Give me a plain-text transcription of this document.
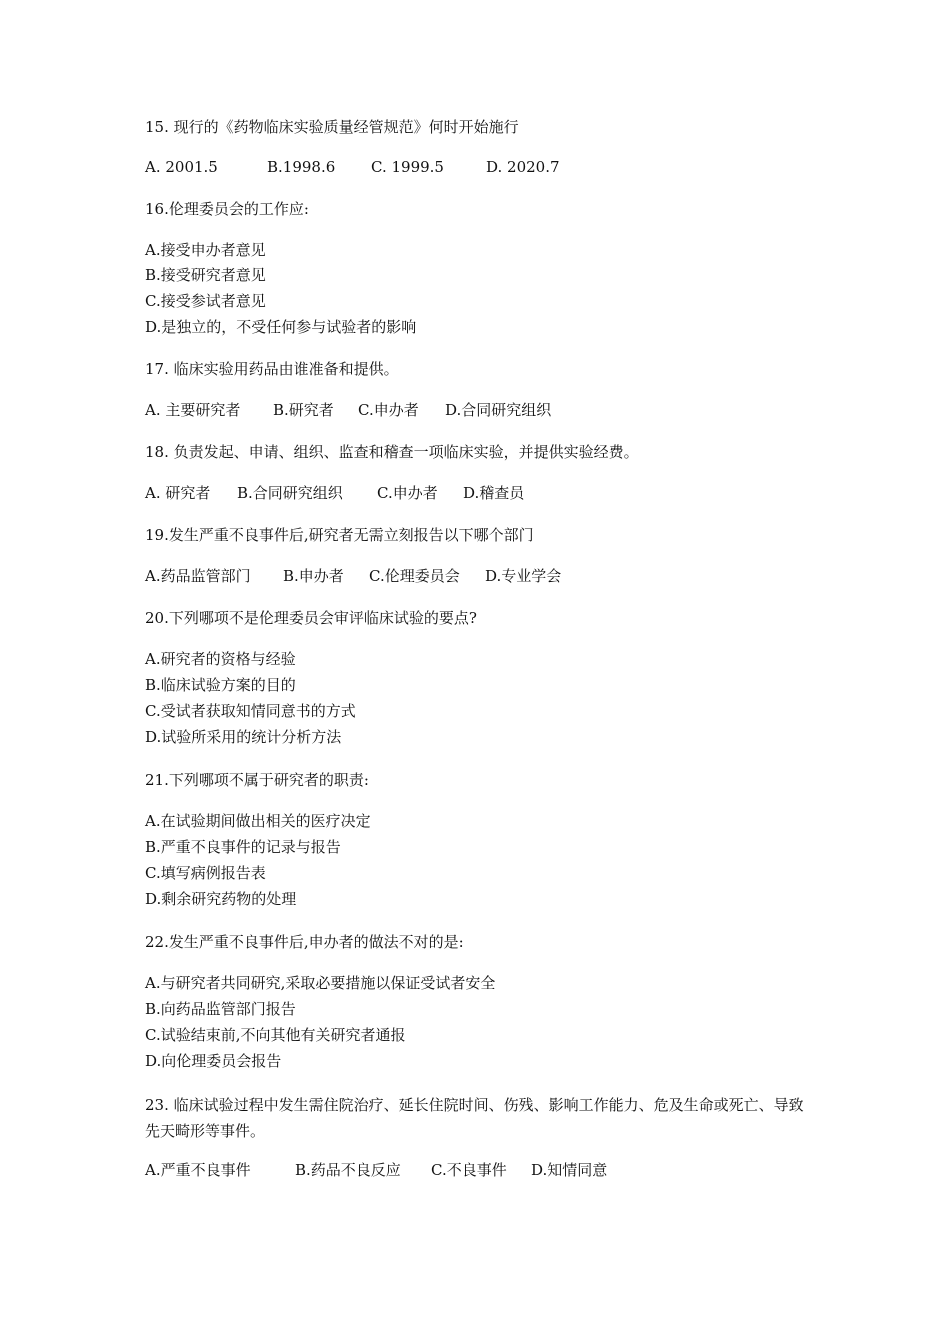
15. 现行的《药物临床实验质量经管规范》何时开始施行
A. 2001.5	B.1998.6 C. 1999.5	D. 2020.7
16.伦理委员会的工作应:
A.接受申办者意见
B.接受研究者意见
C.接受参试者意见
D.是独立的，不受任何参与试验者的影响
17. 临床实验用药品由谁准备和提供。
A. 主要研究者 B.研究者 C.申办者 D.合同研究组织
18. 负责发起、申请、组织、监查和稽查一项临床实验，并提供实验经费。
A. 研究者 B.合同研究组织 C.申办者 D.稽查员
19.发生严重不良事件后,研究者无需立刻报告以下哪个部门
A.药品监管部门 B.申办者 C.伦理委员会 D.专业学会
20.下列哪项不是伦理委员会审评临床试验的要点?
A.研究者的资格与经验
B.临床试验方案的目的
C.受试者获取知情同意书的方式
D.试验所采用的统计分析方法
21.下列哪项不属于研究者的职责:
A.在试验期间做出相关的医疗决定
B.严重不良事件的记录与报告
C.填写病例报告表
D.剩余研究药物的处理
22.发生严重不良事件后,申办者的做法不对的是:
A.与研究者共同研究,采取必要措施以保证受试者安全
B.向药品监管部门报告
C.试验结束前,不向其他有关研究者通报
D.向伦理委员会报告
23. 临床试验过程中发生需住院治疗、延长住院时间、伤残、影响工作能力、危及生命或死亡、导致先天畸形等事件。
A.严重不良事件	B.药品不良反应 C.不良事件 D.知情同意
